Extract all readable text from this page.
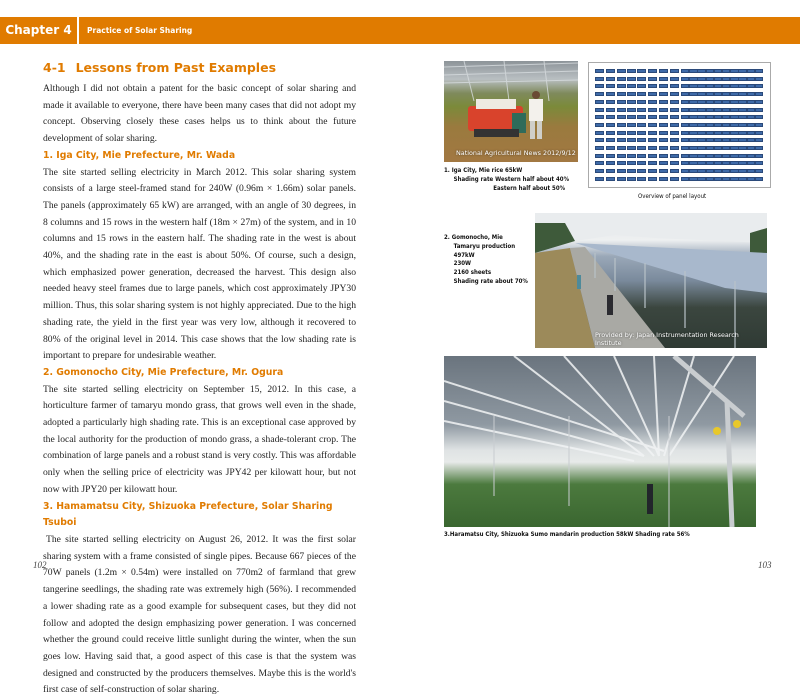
Chapter 4	Practice of Solar Sharing
4-1 Lessons from Past Examples

Although I did not obtain a patent for the basic concept of solar sharing and made it available to everyone, there have been many cases that did not adopt my concept. Observing closely these cases helps us to think about the future development of solar sharing.

1. Iga City, Mie Prefecture, Mr. Wada

The site started selling electricity in March 2012. This solar sharing system consists of a large steel-framed stand for 240W (0.96m × 1.66m) solar panels. The panels (approximately 65 kW) are arranged, with an angle of 30 degrees, in 8 columns and 15 rows in the western half (18m × 27m) of the system, and in 10 columns and 15 rows in the eastern half. The shading rate in the west is about 40%, and the shading rate in the east is about 50%. Of course, such a design, which emphasized power generation, decreased the harvest. This design also needed heavy steel frames due to large panels, which cost approximately JPY30 million. Thus, this solar sharing system is not highly appreciated. Due to the high shading rate, the yield in the first year was very low, although it recovered to 80% of the original level in 2014. This case shows that the low shading rate is important to prepare for undesirable weather.

2. Gomonocho City, Mie Prefecture, Mr. Ogura

The site started selling electricity on September 15, 2012. In this case, a horticulture farmer of tamaryu mondo grass, that grows well even in the shade, adopted a particularly high shading rate. This is an exceptional case approved by the local authority for the production of mondo grass, a shade-tolerant crop. The combination of large panels and a robust stand is very costly. This was affordable only when the selling price of electricity was JPY42 per kilowatt hour, but not now with JPY20 per kilowatt hour.

3. Hamamatsu City, Shizuoka Prefecture, Solar Sharing Tsuboi

The site started selling electricity on August 26, 2012. It was the first solar sharing system with a frame consisted of single pipes. Because 667 pieces of the 70W panels (1.2m × 0.54m) were installed on 770m2 of farmland that grew tangerine seedlings, the shading rate was extremely high (56%). I recommended a lower shading rate as a good example for subsequent cases, but they did not follow and adopted the design emphasizing power generation. I was concerned whether the ground could receive little sunlight during the winter, when the sun goes low. Having said that, a good aspect of this case is that the system was designed and constructed by the producers themselves. Maybe this is the world's first case of self-construction of solar sharing.

102	103
National Agricultural News 2012/9/12
1. Iga City, Mie rice 65kW
Shading rate Western half about 40%
Eastern half about 50%
Overview of panel layout
Provided by: Japan Instrumentation Research Institute
2. Gomonocho, Mie
Tamaryu production
497kW
230W
2160 sheets
Shading rate about 70%
3.Haramatsu City, Shizuoka Sumo mandarin production 58kW Shading rate 56%
